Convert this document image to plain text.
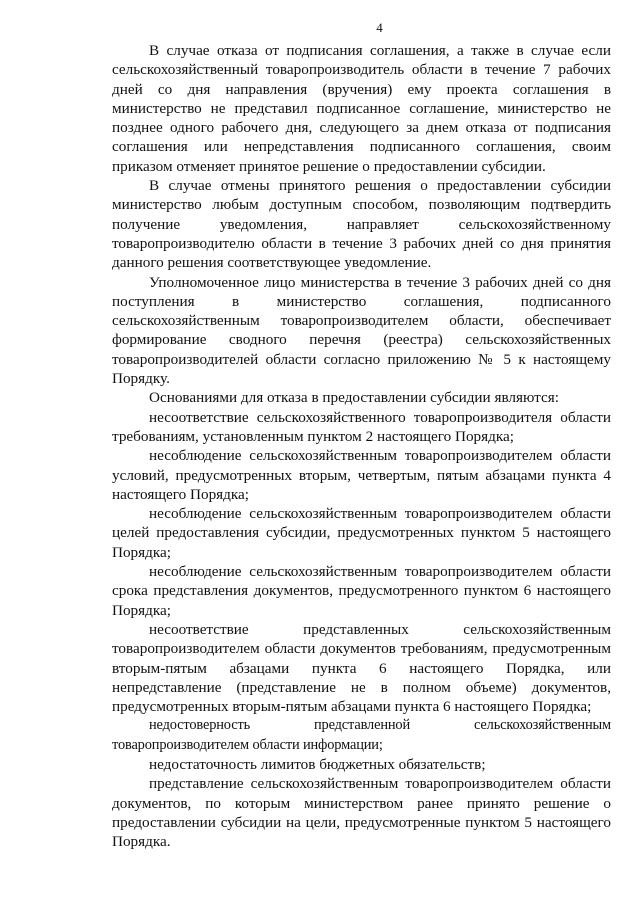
4

В случае отказа от подписания соглашения, а также в случае если сельскохозяйственный товаропроизводитель области в течение 7 рабочих дней со дня направления (вручения) ему проекта соглашения в министерство не представил подписанное соглашение, министерство не позднее одного рабочего дня, следующего за днем отказа от подписания соглашения или непредставления подписанного соглашения, своим приказом отменяет принятое решение о предоставлении субсидии.

В случае отмены принятого решения о предоставлении субсидии министерство любым доступным способом, позволяющим подтвердить получение уведомления, направляет сельскохозяйственному товаропроизводителю области в течение 3 рабочих дней со дня принятия данного решения соответствующее уведомление.

Уполномоченное лицо министерства в течение 3 рабочих дней со дня поступления в министерство соглашения, подписанного сельскохозяйственным товаропроизводителем области, обеспечивает формирование сводного перечня (реестра) сельскохозяйственных товаропроизводителей области согласно приложению № 5 к настоящему Порядку.

Основаниями для отказа в предоставлении субсидии являются:

несоответствие сельскохозяйственного товаропроизводителя области требованиям, установленным пунктом 2 настоящего Порядка;

несоблюдение сельскохозяйственным товаропроизводителем области условий, предусмотренных вторым, четвертым, пятым абзацами пункта 4 настоящего Порядка;

несоблюдение сельскохозяйственным товаропроизводителем области целей предоставления субсидии, предусмотренных пунктом 5 настоящего Порядка;

несоблюдение сельскохозяйственным товаропроизводителем области срока представления документов, предусмотренного пунктом 6 настоящего Порядка;

несоответствие представленных сельскохозяйственным товаропроизводителем области документов требованиям, предусмотренным вторым-пятым абзацами пункта 6 настоящего Порядка, или непредставление (представление не в полном объеме) документов, предусмотренных вторым-пятым абзацами пункта 6 настоящего Порядка;

недостоверность представленной сельскохозяйственным товаропроизводителем области информации;

недостаточность лимитов бюджетных обязательств;

представление сельскохозяйственным товаропроизводителем области документов, по которым министерством ранее принято решение о предоставлении субсидии на цели, предусмотренные пунктом 5 настоящего Порядка.
